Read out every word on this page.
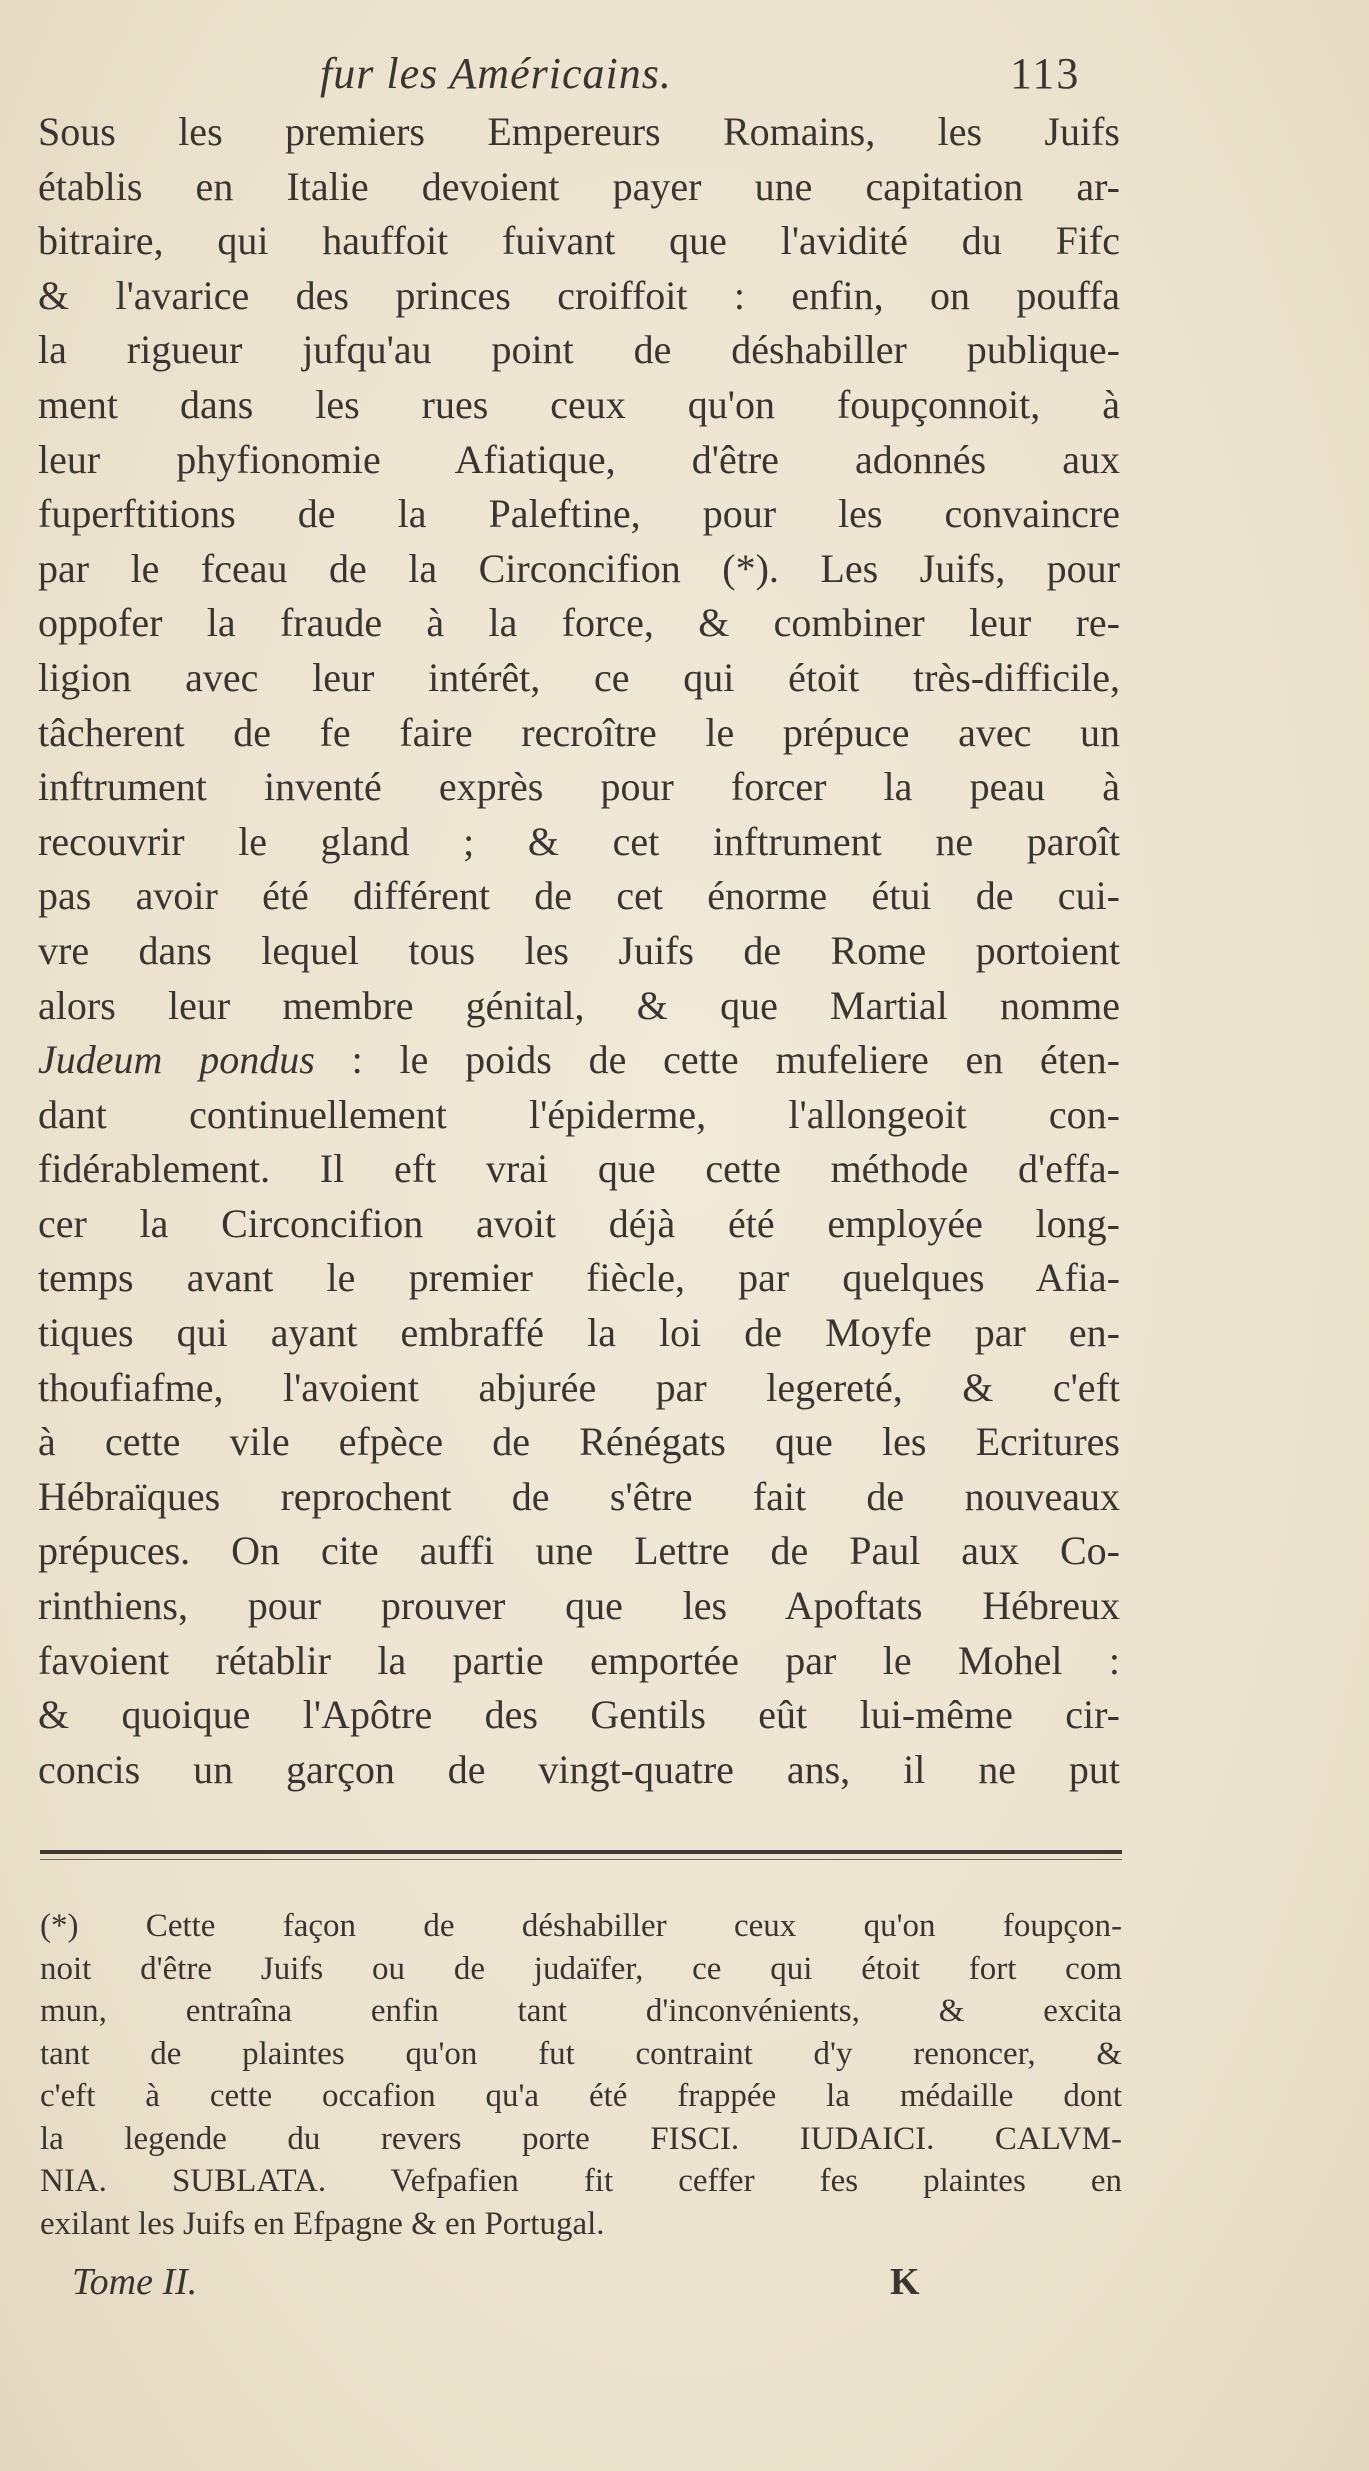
fur les Américains.	113
Sous les premiers Empereurs Romains, les Juifs
établis en Italie devoient payer une capitation ar-
bitraire, qui hauffoit fuivant que l'avidité du Fifc
& l'avarice des princes croiffoit : enfin, on pouffa
la rigueur jufqu'au point de déshabiller publique-
ment dans les rues ceux qu'on foupçonnoit, à
leur phyfionomie Afiatique, d'être adonnés aux
fuperftitions de la Paleftine, pour les convaincre
par le fceau de la Circoncifion (*). Les Juifs, pour
oppofer la fraude à la force, & combiner leur re-
ligion avec leur intérêt, ce qui étoit très-difficile,
tâcherent de fe faire recroître le prépuce avec un
inftrument inventé exprès pour forcer la peau à
recouvrir le gland ; & cet inftrument ne paroît
pas avoir été différent de cet énorme étui de cui-
vre dans lequel tous les Juifs de Rome portoient
alors leur membre génital, & que Martial nomme
Judeum pondus : le poids de cette mufeliere en éten-
dant continuellement l'épiderme, l'allongeoit con-
fidérablement. Il eft vrai que cette méthode d'effa-
cer la Circoncifion avoit déjà été employée long-
temps avant le premier fiècle, par quelques Afia-
tiques qui ayant embraffé la loi de Moyfe par en-
thoufiafme, l'avoient abjurée par legereté, & c'eft
à cette vile efpèce de Rénégats que les Ecritures
Hébraïques reprochent de s'être fait de nouveaux
prépuces. On cite auffi une Lettre de Paul aux Co-
rinthiens, pour prouver que les Apoftats Hébreux
favoient rétablir la partie emportée par le Mohel :
& quoique l'Apôtre des Gentils eût lui-même cir-
concis un garçon de vingt-quatre ans, il ne put
(*) Cette façon de déshabiller ceux qu'on foupçon-
noit d'être Juifs ou de judaïfer, ce qui étoit fort com
mun, entraîna enfin tant d'inconvénients, & excita
tant de plaintes qu'on fut contraint d'y renoncer, &
c'eft à cette occafion qu'a été frappée la médaille dont
la legende du revers porte FISCI. IUDAICI. CALVM-
NIA. SUBLATA. Vefpafien fit ceffer fes plaintes en
exilant les Juifs en Efpagne & en Portugal.
Tome II.	K
